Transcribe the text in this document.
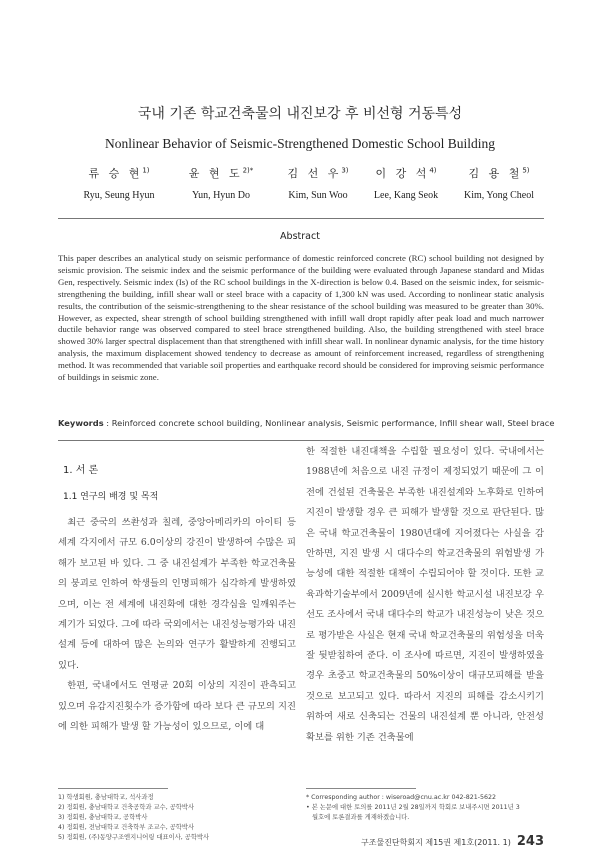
국내 기존 학교건축물의 내진보강 후 비선형 거동특성
Nonlinear Behavior of Seismic-Strengthened Domestic School Building
류 승 현$^{1)}$
Ryu, Seung Hyun
윤 현 도$^{2)*}$
Yun, Hyun Do
김 선 우$^{3)}$
Kim, Sun Woo
이 강 석$^{4)}$
Lee, Kang Seok
김 용 철$^{5)}$
Kim, Yong Cheol
Abstract
This paper describes an analytical study on seismic performance of domestic reinforced concrete (RC) school building not designed by seismic provision. The seismic index and the seismic performance of the building were evaluated through Japanese standard and Midas Gen, respectively. Seismic index (Is) of the RC school buildings in the X-direction is below 0.4. Based on the seismic index, for seismic-strengthening the building, infill shear wall or steel brace with a capacity of 1,300 kN was used. According to nonlinear static analysis results, the contribution of the seismic-strengthening to the shear resistance of the school building was measured to be greater than 30%. However, as expected, shear strength of school building strengthened with infill wall dropt rapidly after peak load and much narrower ductile behavior range was observed compared to steel brace strengthened building. Also, the building strengthened with steel brace showed 30% larger spectral displacement than that strengthened with infill shear wall. In nonlinear dynamic analysis, for the time history analysis, the maximum displacement showed tendency to decrease as amount of reinforcement increased, regardless of strengthening method. It was recommended that variable soil properties and earthquake record should be considered for improving seismic performance of buildings in seismic zone.
Keywords : Reinforced concrete school building, Nonlinear analysis, Seismic performance, Infill shear wall, Steel brace
1. 서 론
1.1 연구의 배경 및 목적

최근 중국의 쓰촨성과 칠레, 중앙아메리카의 아이티 등 세계 각지에서 규모 6.0이상의 강진이 발생하여 수많은 피해가 보고된 바 있다. 그 중 내진설계가 부족한 학교건축물의 붕괴로 인하여 학생들의 인명피해가 심각하게 발생하였으며, 이는 전 세계에 내진화에 대한 경각심을 일깨워주는 계기가 되었다. 그에 따라 국외에서는 내진성능평가와 내진설계 등에 대하여 많은 논의와 연구가 활발하게 진행되고 있다.

한편, 국내에서도 연평균 20회 이상의 지진이 관측되고 있으며 유감지진횟수가 증가함에 따라 보다 큰 규모의 지진에 의한 피해가 발생 할 가능성이 있으므로, 이에 대

한 적절한 내진대책을 수립할 필요성이 있다. 국내에서는 1988년에 처음으로 내진 규정이 제정되었기 때문에 그 이전에 건설된 건축물은 부족한 내진설계와 노후화로 인하여 지진이 발생할 경우 큰 피해가 발생할 것으로 판단된다. 많은 국내 학교건축물이 1980년대에 지어졌다는 사실을 감안하면, 지진 발생 시 대다수의 학교건축물의 위험발생 가능성에 대한 적절한 대책이 수립되어야 할 것이다. 또한 교육과학기술부에서 2009년에 실시한 학교시설 내진보강 우선도 조사에서 국내 대다수의 학교가 내진성능이 낮은 것으로 평가받은 사실은 현재 국내 학교건축물의 위험성을 더욱 잘 뒷받침하여 준다. 이 조사에 따르면, 지진이 발생하였을 경우 초중고 학교건축물의 50%이상이 대규모피해를 받을 것으로 보고되고 있다. 따라서 지진의 피해를 감소시키기 위하여 새로 신축되는 건물의 내진설계 뿐 아니라, 안전성 확보를 위한 기존 건축물에

1) 학생회원, 충남대학교, 석사과정
2) 정회원, 충남대학교 건축공학과 교수, 공학박사
3) 정회원, 충남대학교, 공학박사
4) 정회원, 전남대학교 건축학부 조교수, 공학박사
5) 정회원, (주)동양구조엔지니어링 대표이사, 공학박사
* Corresponding author : wiseroad@cnu.ac.kr 042-821-5622
• 본 논문에 대한 토의를 2011년 2월 28일까지 학회로 보내주시면 2011년 3
월호에 토론결과를 게재하겠습니다.
구조물진단학회지 제15권 제1호(2011. 1) 243
